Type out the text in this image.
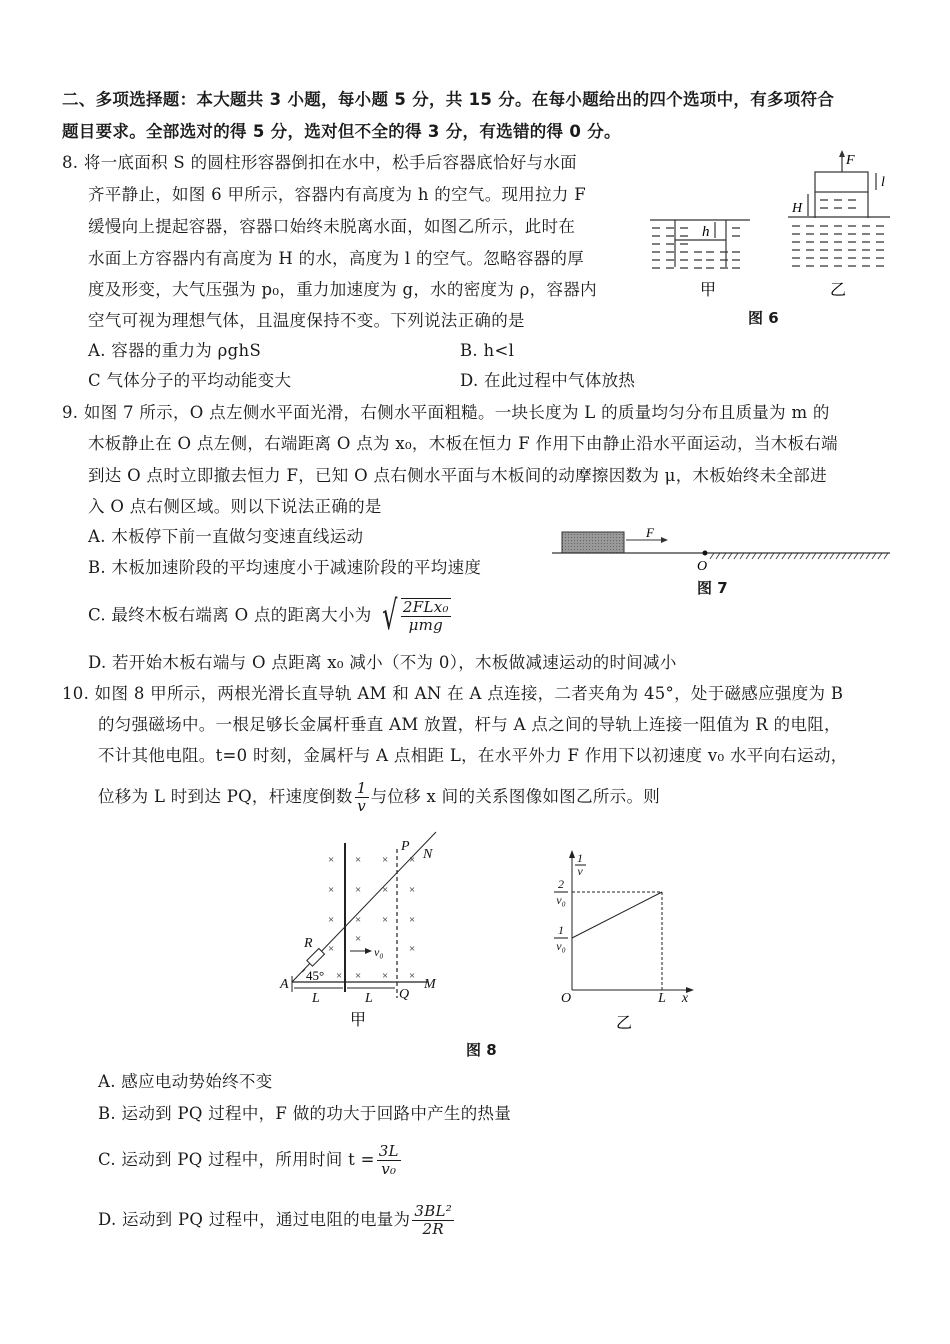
二、多项选择题：本大题共 3 小题，每小题 5 分，共 15 分。在每小题给出的四个选项中，有多项符合
题目要求。全部选对的得 5 分，选对但不全的得 3 分，有选错的得 0 分。
8. 将一底面积 S 的圆柱形容器倒扣在水中，松手后容器底恰好与水面
齐平静止，如图 6 甲所示，容器内有高度为 h 的空气。现用拉力 F
缓慢向上提起容器，容器口始终未脱离水面，如图乙所示，此时在
水面上方容器内有高度为 H 的水，高度为 l 的空气。忽略容器的厚
度及形变，大气压强为 p₀，重力加速度为 g，水的密度为 ρ，容器内
空气可视为理想气体，且温度保持不变。下列说法正确的是
A. 容器的重力为 ρghS	B. h<l
C 气体分子的平均动能变大	D. 在此过程中气体放热
h
甲
F
H
l
乙
图 6
9. 如图 7 所示，O 点左侧水平面光滑，右侧水平面粗糙。一块长度为 L 的质量均匀分布且质量为 m 的
木板静止在 O 点左侧，右端距离 O 点为 x₀，木板在恒力 F 作用下由静止沿水平面运动，当木板右端
到达 O 点时立即撤去恒力 F，已知 O 点右侧水平面与木板间的动摩擦因数为 μ，木板始终未全部进
入 O 点右侧区域。则以下说法正确的是
A. 木板停下前一直做匀变速直线运动
B. 木板加速阶段的平均速度小于减速阶段的平均速度
C. 最终木板右端离 O 点的距离大小为 √ $\frac{\text{2FLx₀}}{\text{μmg}}$
D. 若开始木板右端与 O 点距离 x₀ 减小（不为 0），木板做减速运动的时间减小
F
O
图 7
10. 如图 8 甲所示，两根光滑长直导轨 AM 和 AN 在 A 点连接，二者夹角为 45°，处于磁感应强度为 B
的匀强磁场中。一根足够长金属杆垂直 AM 放置，杆与 A 点之间的导轨上连接一阻值为 R 的电阻，
不计其他电阻。t=0 时刻，金属杆与 A 点相距 L，在水平外力 F 作用下以初速度 v₀ 水平向右运动，
位移为 L 时到达 PQ，杆速度倒数 $\frac{1}{v}$ 与位移 x 间的关系图像如图乙所示。则
× × × ×
× × × ×
× × × ×
×
×
×
× × × ×
A	M
N
P
Q
R
L	L
v₀
45°
甲
1
v
2
v₀
1
v₀
O	L x
乙
图 8
A. 感应电动势始终不变
B. 运动到 PQ 过程中，F 做的功大于回路中产生的热量
C. 运动到 PQ 过程中，所用时间 $t = \frac{3L}{\text{v₀}}$
D. 运动到 PQ 过程中，通过电阻的电量为 $\frac{\text{3BL²}}{2R}$
